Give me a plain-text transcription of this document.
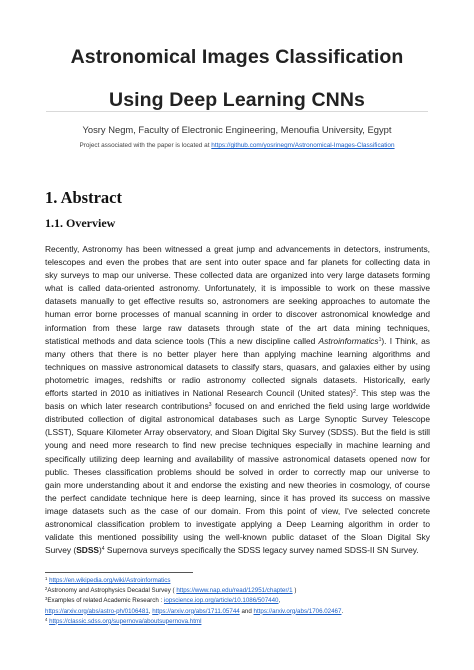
Astronomical Images Classification
Using Deep Learning CNNs
Yosry Negm, Faculty of Electronic Engineering, Menoufia University, Egypt
Project associated with the paper is located at https://github.com/yosrinegm/Astronomical-Images-Classification
1. Abstract
1.1. Overview
Recently, Astronomy has been witnessed a great jump and advancements in detectors, instruments,
telescopes and even the probes that are sent into outer space and far planets for collecting data in
sky surveys to map our universe. These collected data are organized into very large datasets forming
what is called data-oriented astronomy. Unfortunately, it is impossible to work on these massive
datasets manually to get effective results so, astronomers are seeking approaches to automate the
human error borne processes of manual scanning in order to discover astronomical knowledge and
information from these large raw datasets through state of the art data mining techniques,
statistical methods and data science tools (This a new discipline called Astroinformatics$^1$). I Think, as
many others that there is no better player here than applying machine learning algorithms and
techniques on massive astronomical datasets to classify stars, quasars, and galaxies either by using
photometric images, redshifts or radio astronomy collected signals datasets. Historically, early
efforts started in 2010 as initiatives in National Research Council (United states)$^2$. This step was the
basis on which later research contributions$^3$ focused on and enriched the field using large worldwide
distributed collection of digital astronomical databases such as Large Synoptic Survey Telescope
(LSST), Square Kilometer Array observatory, and Sloan Digital Sky Survey (SDSS). But the field is still
young and need more research to find new precise techniques especially in machine learning and
specifically utilizing deep learning and availability of massive astronomical datasets opened now for
public. Theses classification problems should be solved in order to correctly map our universe to
gain more understanding about it and endorse the existing and new theories in cosmology, of course
the perfect candidate technique here is deep learning, since it has proved its success on massive
image datasets such as the case of our domain. From this point of view, I've selected concrete
astronomical classification problem to investigate applying a Deep Learning algorithm in order to
validate this mentioned possibility using the well-known public dataset of the Sloan Digital Sky
Survey (SDSS)$^4$ Supernova surveys specifically the SDSS legacy survey named SDSS-II SN Survey.
$^1$ https://en.wikipedia.org/wiki/Astroinformatics
$^2$Astronomy and Astrophysics Decadal Survey ( https://www.nap.edu/read/12951/chapter/1 )
$^3$Examples of related Academic Research : iopscience.iop.org/article/10.1086/507440,
https://arxiv.org/abs/astro-ph/0106481, https://arxiv.org/abs/1711.05744 and https://arxiv.org/abs/1706.02467.
$^4$ https://classic.sdss.org/supernova/aboutsupernova.html
